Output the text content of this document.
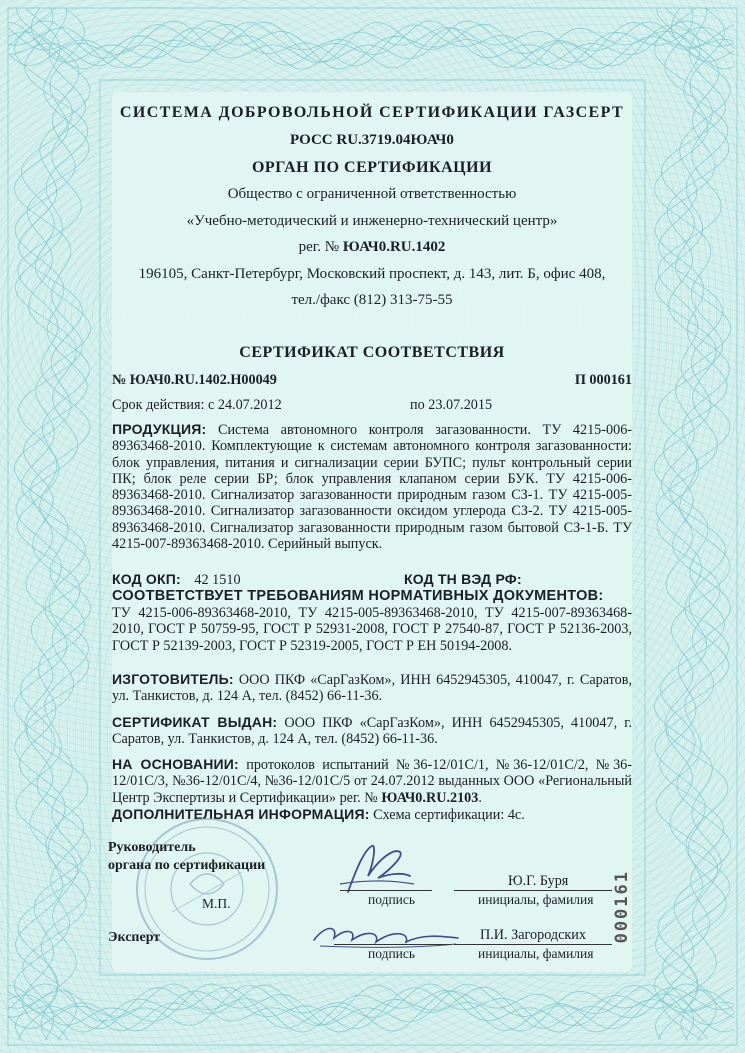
СИСТЕМА ДОБРОВОЛЬНОЙ СЕРТИФИКАЦИИ ГАЗСЕРТ
РОСС RU.3719.04ЮАЧ0
ОРГАН ПО СЕРТИФИКАЦИИ
Общество с ограниченной ответственностью
«Учебно-методический и инженерно-технический центр»
рег. № ЮАЧ0.RU.1402
196105, Санкт-Петербург, Московский проспект, д. 143, лит. Б, офис 408,
тел./факс (812) 313-75-55
СЕРТИФИКАТ СООТВЕТСТВИЯ
№ ЮАЧ0.RU.1402.Н00049	П 000161
Срок действия: с 24.07.2012	по 23.07.2015
ПРОДУКЦИЯ: Система автономного контроля загазованности. ТУ 4215-006-89363468-2010. Комплектующие к системам автономного контроля загазованности: блок управления, питания и сигнализации серии БУПС; пульт контрольный серии ПК; блок реле серии БР; блок управления клапаном серии БУК. ТУ 4215-006-89363468-2010. Сигнализатор загазованности природным газом СЗ-1. ТУ 4215-005-89363468-2010. Сигнализатор загазованности оксидом углерода СЗ-2. ТУ 4215-005-89363468-2010. Сигнализатор загазованности природным газом бытовой СЗ-1-Б. ТУ 4215-007-89363468-2010. Серийный выпуск.
КОД ОКП: 42 1510	КОД ТН ВЭД РФ:
СООТВЕТСТВУЕТ ТРЕБОВАНИЯМ НОРМАТИВНЫХ ДОКУМЕНТОВ:
ТУ 4215-006-89363468-2010, ТУ 4215-005-89363468-2010, ТУ 4215-007-89363468-2010, ГОСТ Р 50759-95, ГОСТ Р 52931-2008, ГОСТ Р 27540-87, ГОСТ Р 52136-2003, ГОСТ Р 52139-2003, ГОСТ Р 52319-2005, ГОСТ Р ЕН 50194-2008.
ИЗГОТОВИТЕЛЬ: ООО ПКФ «СарГазКом», ИНН 6452945305, 410047, г. Саратов, ул. Танкистов, д. 124 А, тел. (8452) 66-11-36.
СЕРТИФИКАТ ВЫДАН: ООО ПКФ «СарГазКом», ИНН 6452945305, 410047, г. Саратов, ул. Танкистов, д. 124 А, тел. (8452) 66-11-36.
НА ОСНОВАНИИ: протоколов испытаний №36-12/01С/1, №36-12/01С/2, №36-12/01С/3, №36-12/01С/4, №36-12/01С/5 от 24.07.2012 выданных ООО «Региональный Центр Экспертизы и Сертификации» рег. № ЮАЧ0.RU.2103.
ДОПОЛНИТЕЛЬНАЯ ИНФОРМАЦИЯ: Схема сертификации: 4с.
Руководитель
органа по сертификации
М.П.	подпись
Ю.Г. Буря
инициалы, фамилия
Эксперт
подпись
П.И. Загородских
инициалы, фамилия
000161
